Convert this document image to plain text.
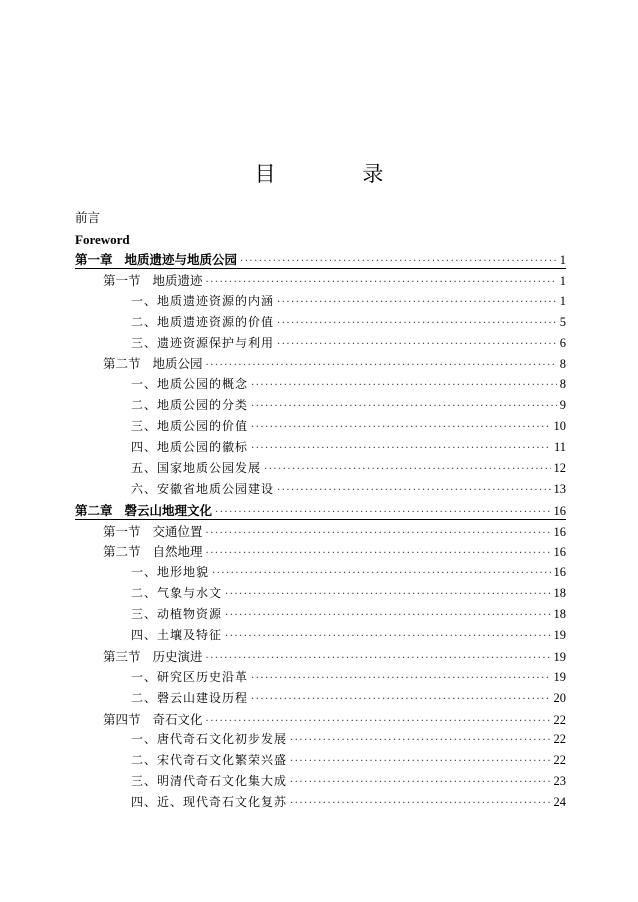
目 录
前言
Foreword
第一章 地质遗迹与地质公园 ·····	1
第一节 地质遗迹 ·····	1
一、地质遗迹资源的内涵 ·····	1
二、地质遗迹资源的价值 ·····	5
三、遗迹资源保护与利用 ·····	6
第二节 地质公园 ·····	8
一、地质公园的概念 ·····	8
二、地质公园的分类 ·····	9
三、地质公园的价值 ·····	10
四、地质公园的徽标 ·····	11
五、国家地质公园发展 ·····	12
六、安徽省地质公园建设 ·····	13
第二章 磬云山地理文化 ·····	16
第一节 交通位置 ·····	16
第二节 自然地理 ·····	16
一、地形地貌 ·····	16
二、气象与水文 ·····	18
三、动植物资源 ·····	18
四、土壤及特征 ·····	19
第三节 历史演进 ·····	19
一、研究区历史沿革 ·····	19
二、磬云山建设历程 ·····	20
第四节 奇石文化 ·····	22
一、唐代奇石文化初步发展 ·····	22
二、宋代奇石文化繁荣兴盛 ·····	22
三、明清代奇石文化集大成 ·····	23
四、近、现代奇石文化复苏 ·····	24
